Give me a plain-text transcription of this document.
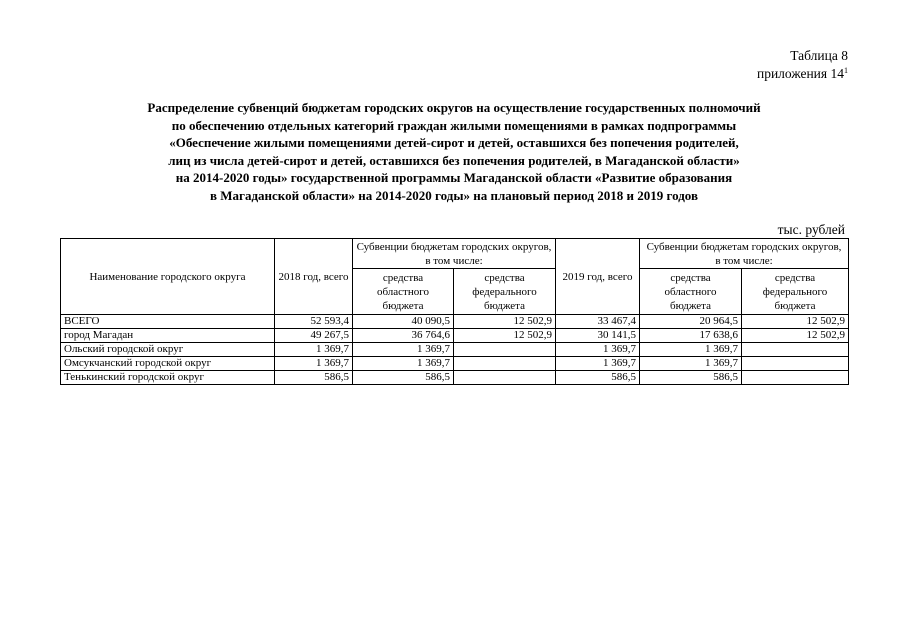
Таблица 8
приложения $14^1$
Распределение субвенций бюджетам городских округов на осуществление государственных полномочий
по обеспечению отдельных категорий граждан жилыми помещениями в рамках подпрограммы
«Обеспечение жилыми помещениями детей-сирот и детей, оставшихся без попечения родителей,
лиц из числа детей-сирот и детей, оставшихся без попечения родителей, в Магаданской области»
на 2014-2020 годы» государственной программы Магаданской области «Развитие образования
в Магаданской области» на 2014-2020 годы» на плановый период 2018 и 2019 годов
тыс. рублей
Наименование городского округа	2018 год, всего	Субвенции бюджетам городских округов, в том числе:		2019 год, всего	Субвенции бюджетам городских округов, в том числе:	
		средства областного бюджета	средства федерального бюджета		средства областного бюджета	средства федерального бюджета
ВСЕГО	52 593,4	40 090,5	12 502,9	33 467,4	20 964,5	12 502,9
город Магадан	49 267,5	36 764,6	12 502,9	30 141,5	17 638,6	12 502,9
Ольский городской округ	1 369,7	1 369,7		1 369,7	1 369,7	
Омсукчанский городской округ	1 369,7	1 369,7		1 369,7	1 369,7	
Тенькинский городской округ	586,5	586,5		586,5	586,5	
